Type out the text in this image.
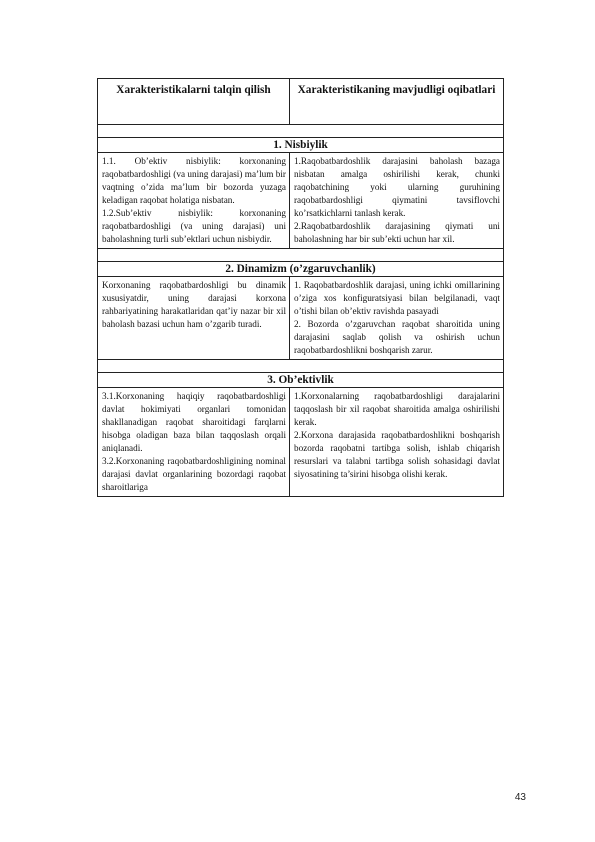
Xarakteristikalarni talqin qilish	Xarakteristikaning mavjudligi oqibatlari
1. Nisbiylik

1.1. Ob’ektiv nisbiylik: korxonaning raqobatbardoshligi (va uning darajasi) ma’lum bir vaqtning o’zida ma’lum bir bozorda yuzaga keladigan raqobat holatiga nisbatan.

1.2.Sub’ektiv nisbiylik: korxonaning raqobatbardoshligi (va uning darajasi) uni baholashning turli sub’ektlari uchun nisbiydir.

1.Raqobatbardoshlik darajasini baholash bazaga nisbatan amalga oshirilishi kerak, chunki raqobatchining yoki ularning guruhining raqobatbardoshligi qiymatini tavsiflovchi ko’rsatkichlarni tanlash kerak.

2.Raqobatbardoshlik darajasining qiymati uni baholashning har bir sub’ekti uchun har xil.

2. Dinamizm (o’zgaruvchanlik)

Korxonaning raqobatbardoshligi bu dinamik xususiyatdir, uning darajasi korxona rahbariyatining harakatlaridan qat’iy nazar bir xil baholash bazasi uchun ham o’zgarib turadi.

1. Raqobatbardoshlik darajasi, uning ichki omillarining o’ziga xos konfiguratsiyasi bilan belgilanadi, vaqt o’tishi bilan ob’ektiv ravishda pasayadi

2. Bozorda o’zgaruvchan raqobat sharoitida uning darajasini saqlab qolish va oshirish uchun raqobatbardoshlikni boshqarish zarur.

3. Ob’ektivlik

3.1.Korxonaning haqiqiy raqobatbardoshligi davlat hokimiyati organlari tomonidan shakllanadigan raqobat sharoitidagi farqlarni hisobga oladigan baza bilan taqqoslash orqali aniqlanadi.

3.2.Korxonaning raqobatbardoshligining nominal darajasi davlat organlarining bozordagi raqobat sharoitlariga

1.Korxonalarning raqobatbardoshligi darajalarini taqqoslash bir xil raqobat sharoitida amalga oshirilishi kerak.

2.Korxona darajasida raqobatbardoshlikni boshqarish bozorda raqobatni tartibga solish, ishlab chiqarish resurslari va talabni tartibga solish sohasidagi davlat siyosatining ta’sirini hisobga olishi kerak.

43
